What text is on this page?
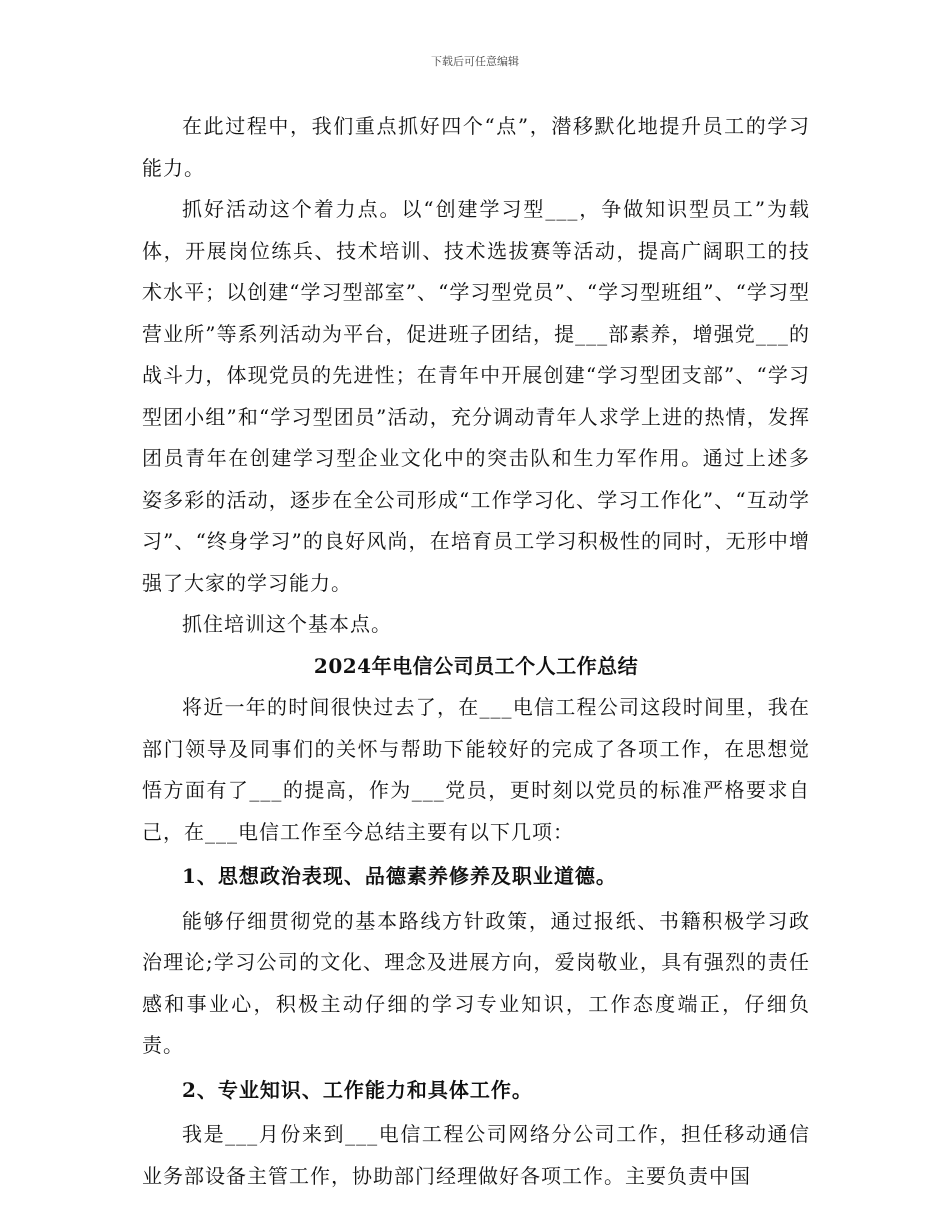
下载后可任意编辑

在此过程中，我们重点抓好四个“点”，潜移默化地提升员工的学习能力。

抓好活动这个着力点。以“创建学习型___，争做知识型员工”为载体，开展岗位练兵、技术培训、技术选拔赛等活动，提高广阔职工的技术水平；以创建“学习型部室”、“学习型党员”、“学习型班组”、“学习型营业所”等系列活动为平台，促进班子团结，提___部素养，增强党___的战斗力，体现党员的先进性；在青年中开展创建“学习型团支部”、“学习型团小组”和“学习型团员”活动，充分调动青年人求学上进的热情，发挥团员青年在创建学习型企业文化中的突击队和生力军作用。通过上述多姿多彩的活动，逐步在全公司形成“工作学习化、学习工作化”、“互动学习”、“终身学习”的良好风尚，在培育员工学习积极性的同时，无形中增强了大家的学习能力。

抓住培训这个基本点。

2024年电信公司员工个人工作总结

将近一年的时间很快过去了，在___电信工程公司这段时间里，我在部门领导及同事们的关怀与帮助下能较好的完成了各项工作，在思想觉悟方面有了___的提高，作为___党员，更时刻以党员的标准严格要求自己，在___电信工作至今总结主要有以下几项：

1、思想政治表现、品德素养修养及职业道德。

能够仔细贯彻党的基本路线方针政策，通过报纸、书籍积极学习政治理论;学习公司的文化、理念及进展方向，爱岗敬业，具有强烈的责任感和事业心，积极主动仔细的学习专业知识，工作态度端正，仔细负责。

2、专业知识、工作能力和具体工作。

我是___月份来到___电信工程公司网络分公司工作，担任移动通信业务部设备主管工作，协助部门经理做好各项工作。主要负责中国
